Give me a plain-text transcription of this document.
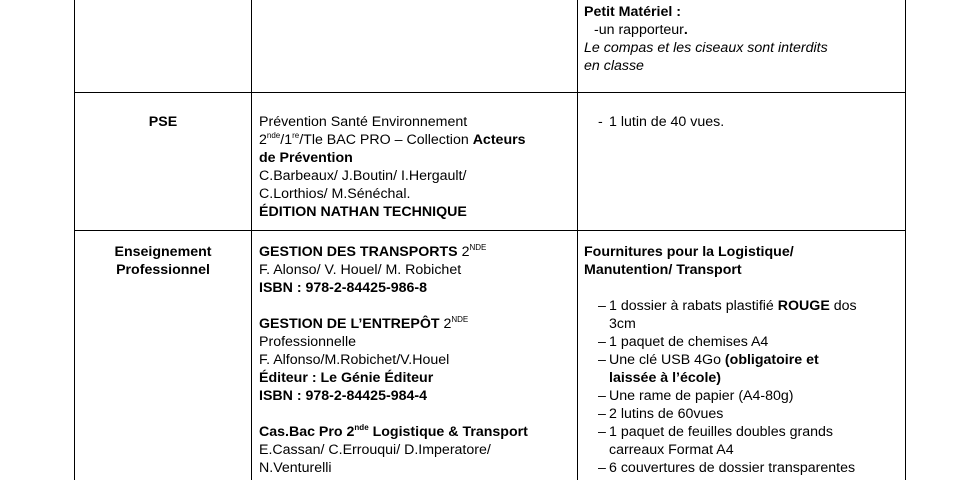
Petit Matériel :
-un rapporteur.
Le compas et les ciseaux sont interdits
en classe
PSE	Prévention Santé Environnement
2nde/1re/Tle BAC PRO – Collection Acteurs
de Prévention
C.Barbeaux/ J.Boutin/ I.Hergault/
C.Lorthios/ M.Sénéchal.
ÉDITION NATHAN TECHNIQUE
- 1 lutin de 40 vues.
Enseignement
Professionnel
GESTION DES TRANSPORTS 2NDE
F. Alonso/ V. Houel/ M. Robichet
ISBN : 978-2-84425-986-8
GESTION DE L’ENTREPÔT 2NDE
Professionnelle
F. Alfonso/M.Robichet/V.Houel
Éditeur : Le Génie Éditeur
ISBN : 978-2-84425-984-4
Cas.Bac Pro 2nde Logistique & Transport
E.Cassan/ C.Errouqui/ D.Imperatore/
N.Venturelli
Fournitures pour la Logistique/
Manutention/ Transport
– 1 dossier à rabats plastifié ROUGE dos
3cm
– 1 paquet de chemises A4
– Une clé USB 4Go (obligatoire et
laissée à l’école)
– Une rame de papier (A4-80g)
– 2 lutins de 60vues
– 1 paquet de feuilles doubles grands
carreaux Format A4
– 6 couvertures de dossier transparentes
